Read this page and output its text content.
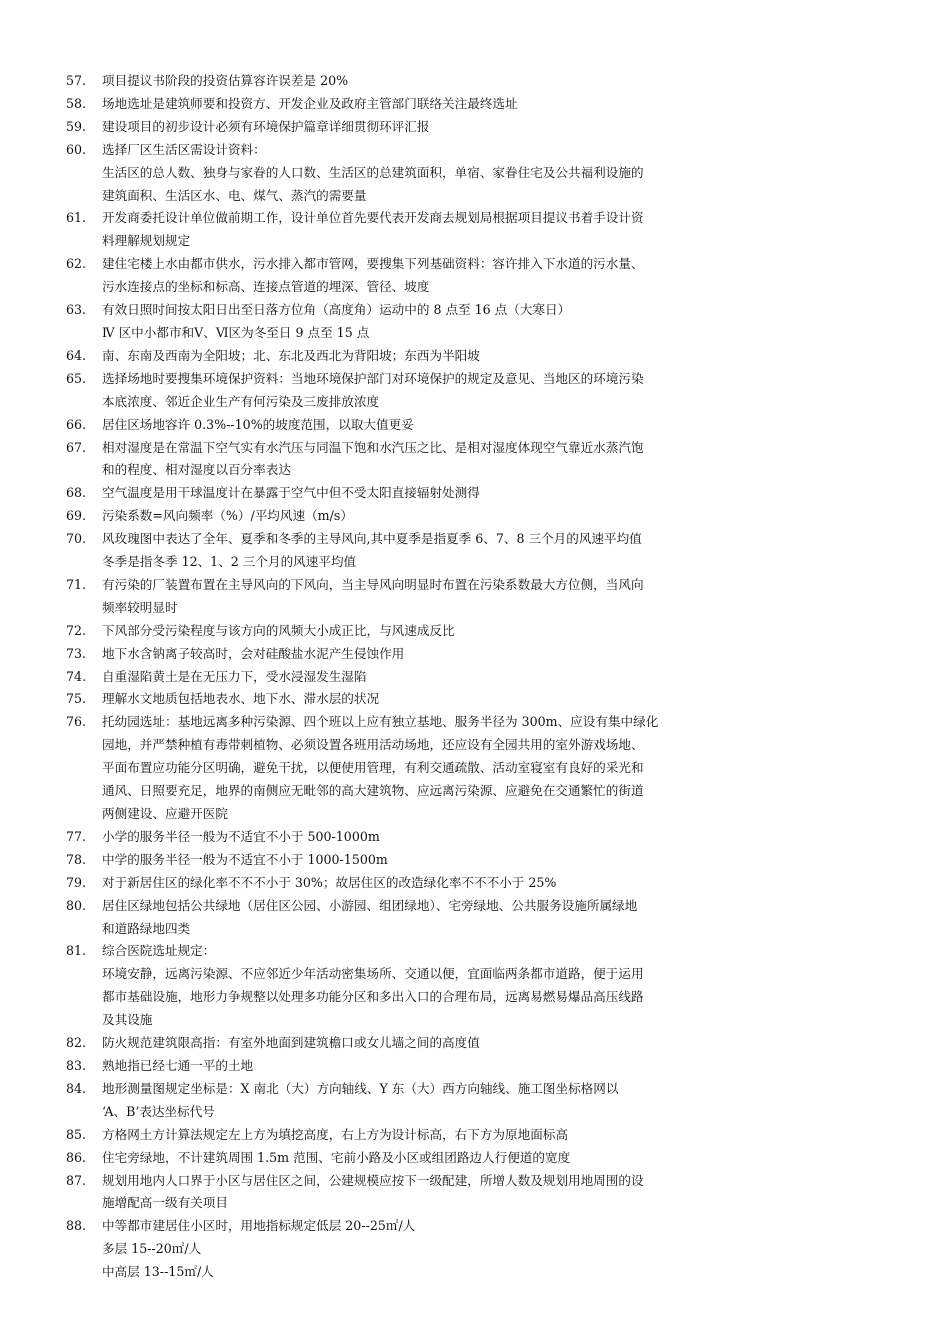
57.	项目提议书阶段的投资估算容许误差是 20%
58.	场地选址是建筑师要和投资方、开发企业及政府主管部门联络关注最终选址
59.	建设项目的初步设计必须有环境保护篇章详细贯彻环评汇报
60.	选择厂区生活区需设计资料：
生活区的总人数、独身与家眷的人口数、生活区的总建筑面积，单宿、家眷住宅及公共福利设施的
建筑面积、生活区水、电、煤气、蒸汽的需要量
61.	开发商委托设计单位做前期工作，设计单位首先要代表开发商去规划局根据项目提议书着手设计资
料理解规划规定
62.	建住宅楼上水由都市供水，污水排入都市管网，要搜集下列基础资料：容许排入下水道的污水量、
污水连接点的坐标和标高、连接点管道的埋深、管径、坡度
63.	有效日照时间按太阳日出至日落方位角（高度角）运动中的 8 点至 16 点（大寒日）
Ⅳ 区中小都市和Ⅴ、Ⅵ区为冬至日 9 点至 15 点
64.	南、东南及西南为全阳坡；北、东北及西北为背阳坡；东西为半阳坡
65.	选择场地时要搜集环境保护资料：当地环境保护部门对环境保护的规定及意见、当地区的环境污染
本底浓度、邻近企业生产有何污染及三废排放浓度
66.	居住区场地容许 0.3%--10%的坡度范围，以取大值更妥
67.	相对湿度是在常温下空气实有水汽压与同温下饱和水汽压之比、是相对湿度体现空气靠近水蒸汽饱
和的程度、相对湿度以百分率表达
68.	空气温度是用干球温度计在暴露于空气中但不受太阳直接辐射处测得
69.	污染系数=风向频率（%）/平均风速（m/s）
70.	风玫瑰图中表达了全年、夏季和冬季的主导风向,其中夏季是指夏季 6、7、8 三个月的风速平均值
冬季是指冬季 12、1、2 三个月的风速平均值
71.	有污染的厂装置布置在主导风向的下风向，当主导风向明显时布置在污染系数最大方位侧，当风向
频率较明显时
72.	下风部分受污染程度与该方向的风频大小成正比，与风速成反比
73.	地下水含钠离子较高时，会对硅酸盐水泥产生侵蚀作用
74.	自重湿陷黄土是在无压力下，受水浸湿发生湿陷
75.	理解水文地质包括地表水、地下水、滞水层的状况
76.	托幼园选址：基地远离多种污染源、四个班以上应有独立基地、服务半径为 300m、应设有集中绿化
园地，并严禁种植有毒带刺植物、必须设置各班用活动场地，还应设有全园共用的室外游戏场地、
平面布置应功能分区明确，避免干扰，以便使用管理，有利交通疏散、活动室寝室有良好的采光和
通风、日照要充足，地界的南侧应无毗邻的高大建筑物、应远离污染源、应避免在交通繁忙的街道
两侧建设、应避开医院
77.	小学的服务半径一般为不适宜不小于 500-1000m
78.	中学的服务半径一般为不适宜不小于 1000-1500m
79.	对于新居住区的绿化率不不不小于 30%；故居住区的改造绿化率不不不小于 25%
80.	居住区绿地包括公共绿地（居住区公园、小游园、组团绿地）、宅旁绿地、公共服务设施所属绿地
和道路绿地四类
81.	综合医院选址规定：
环境安静，远离污染源、不应邻近少年活动密集场所、交通以便，宜面临两条都市道路，便于运用
都市基础设施，地形力争规整以处理多功能分区和多出入口的合理布局，远离易燃易爆品高压线路
及其设施
82.	防火规范建筑限高指：有室外地面到建筑檐口或女儿墙之间的高度值
83.	熟地指已经七通一平的土地
84.	地形测量图规定坐标是：X 南北（大）方向轴线、Y 东（大）西方向轴线、施工图坐标格网以
‘A、B’表达坐标代号
85.	方格网土方计算法规定左上方为填挖高度，右上方为设计标高，右下方为原地面标高
86.	住宅旁绿地，不计建筑周围 1.5m 范围、宅前小路及小区或组团路边人行便道的宽度
87.	规划用地内人口界于小区与居住区之间，公建规模应按下一级配建，所增人数及规划用地周围的设
施增配高一级有关项目
88.	中等都市建居住小区时，用地指标规定低层 20--25㎡/人
多层 15--20㎡/人
中高层 13--15㎡/人
